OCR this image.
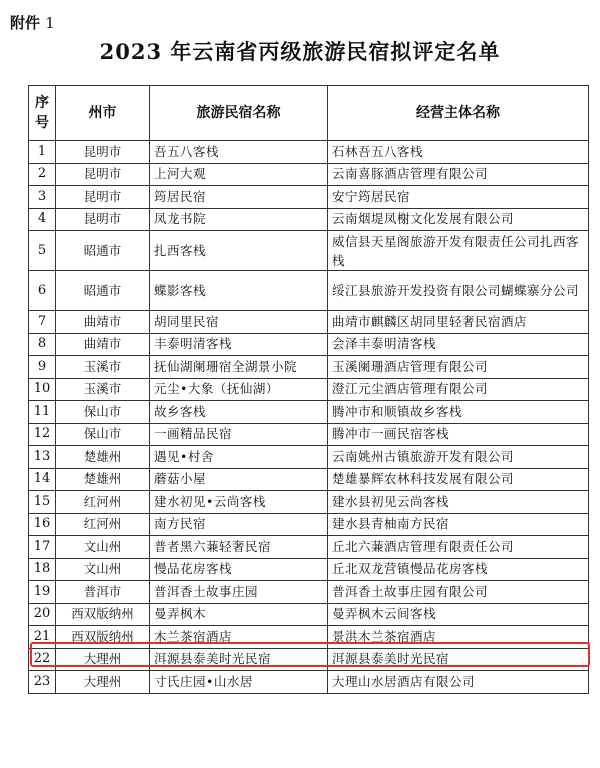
附件 1
2023 年云南省丙级旅游民宿拟评定名单
序号	州市	旅游民宿名称	经营主体名称
1	昆明市	吾五八客栈	石林吾五八客栈
2	昆明市	上河大观	云南喜豚酒店管理有限公司
3	昆明市	筠居民宿	安宁筠居民宿
4	昆明市	凤龙书院	云南烟堤凤榭文化发展有限公司
5	昭通市	扎西客栈	威信县天星阁旅游开发有限责任公司扎西客栈
6	昭通市	蝶影客栈	绥江县旅游开发投资有限公司蝴蝶寨分公司
7	曲靖市	胡同里民宿	曲靖市麒麟区胡同里轻奢民宿酒店
8	曲靖市	丰泰明清客栈	会泽丰泰明清客栈
9	玉溪市	抚仙湖阑珊宿全湖景小院	玉溪阑珊酒店管理有限公司
10	玉溪市	元尘•大象（抚仙湖）	澄江元尘酒店管理有限公司
11	保山市	故乡客栈	腾冲市和顺镇故乡客栈
12	保山市	一画精品民宿	腾冲市一画民宿客栈
13	楚雄州	遇见•村舍	云南姚州古镇旅游开发有限公司
14	楚雄州	蘑菇小屋	楚雄暴辉农林科技发展有限公司
15	红河州	建水初见•云尚客栈	建水县初见云尚客栈
16	红河州	南方民宿	建水县青柚南方民宿
17	文山州	普者黑六蒹轻奢民宿	丘北六蒹酒店管理有限责任公司
18	文山州	慢品花房客栈	丘北双龙营镇慢品花房客栈
19	普洱市	普洱香土故事庄园	普洱香土故事庄园有限公司
20	西双版纳州	曼弄枫木	曼弄枫木云间客栈
21	西双版纳州	木兰茶宿酒店	景洪木兰茶宿酒店
22	大理州	洱源县泰美时光民宿	洱源县泰美时光民宿
23	大理州	寸氏庄园•山水居	大理山水居酒店有限公司
